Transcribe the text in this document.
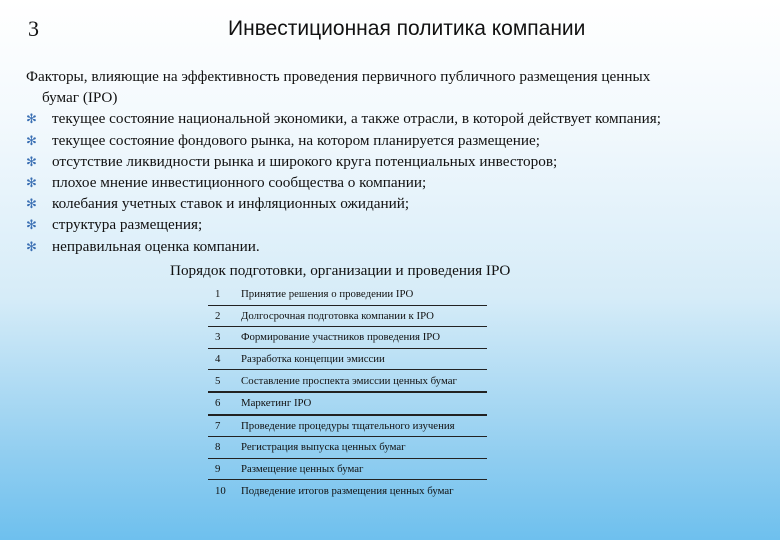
3	Инвестиционная политика компании
Факторы, влияющие на эффективность проведения первичного публичного размещения ценных
бумаг (IPO)
✻ текущее состояние национальной экономики, а также отрасли, в которой действует компания;
✻ текущее состояние фондового рынка, на котором планируется размещение;
✻ отсутствие ликвидности рынка и широкого круга потенциальных инвесторов;
✻ плохое мнение инвестиционного сообщества о компании;
✻ колебания учетных ставок и инфляционных ожиданий;
✻ структура размещения;
✻ неправильная оценка компании.
Порядок подготовки, организации и проведения IPO
1	Принятие решения о проведении IPO
2	Долгосрочная подготовка компании к IPO
3	Формирование участников проведения IPO
4	Разработка концепции эмиссии
5	Составление проспекта эмиссии ценных бумаг
6	Маркетинг IPO
7	Проведение процедуры тщательного изучения
8	Регистрация выпуска ценных бумаг
9	Размещение ценных бумаг
10	Подведение итогов размещения ценных бумаг
